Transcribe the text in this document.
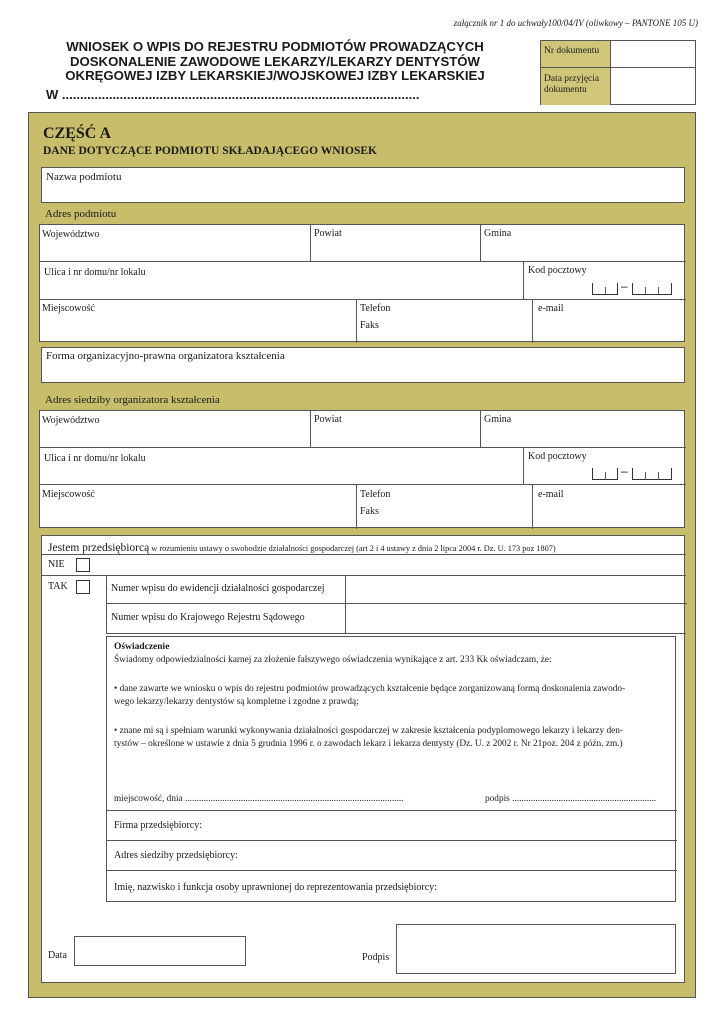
załącznik nr 1 do uchwały100/04/IV (oliwkowy – PANTONE 105 U)
WNIOSEK O WPIS DO REJESTRU PODMIOTÓW PROWADZĄCYCH
DOSKONALENIE ZAWODOWE LEKARZY/LEKARZY DENTYSTÓW
OKRĘGOWEJ IZBY LEKARSKIEJ/WOJSKOWEJ IZBY LEKARSKIEJ
W ...................................................................................................
Nr dokumentu
Data przyjęcia
dokumentu
CZĘŚĆ A
DANE DOTYCZĄCE PODMIOTU SKŁADAJĄCEGO WNIOSEK
Nazwa podmiotu
Adres podmiotu
Województwo	Powiat	Gmina
Ulica i nr domu/nr lokalu	Kod pocztowy
–
Miejscowość	Telefon
Faks
e-mail
Forma organizacyjno-prawna organizatora kształcenia
Adres siedziby organizatora kształcenia
Województwo	Powiat	Gmina
Ulica i nr domu/nr lokalu	Kod pocztowy
–
Miejscowość	Telefon
Faks
e-mail
Jestem przedsiębiorcą w rozumieniu ustawy o swobodzie działalności gospodarczej (art 2 i 4 ustawy z dnia 2 lipca 2004 r. Dz. U. 173 poz 1807)
NIE
TAK	Numer wpisu do ewidencji działalności gospodarczej
Numer wpisu do Krajowego Rejestru Sądowego
Oświadczenie
Świadomy odpowiedzialności karnej za złożenie fałszywego oświadczenia wynikające z art. 233 Kk oświadczam, że:
• dane zawarte we wniosku o wpis do rejestru podmiotów prowadzących kształcenie będące zorganizowaną formą doskonalenia zawodo-
wego lekarzy/lekarzy dentystów są kompletne i zgodne z prawdą;
• znane mi są i spełniam warunki wykonywania działalności gospodarczej w zakresie kształcenia podyplomowego lekarzy i lekarzy den-
tystów – określone w ustawie z dnia 5 grudnia 1996 r. o zawodach lekarz i lekarza dentysty (Dz. U. z 2002 r. Nr 21poz. 204 z późn. zm.)
miejscowość, dnia ..............................................................................................	podpis ..............................................................
Firma przedsiębiorcy:
Adres siedziby przedsiębiorcy:
Imię, nazwisko i funkcja osoby uprawnionej do reprezentowania przedsiębiorcy:
Data	Podpis
